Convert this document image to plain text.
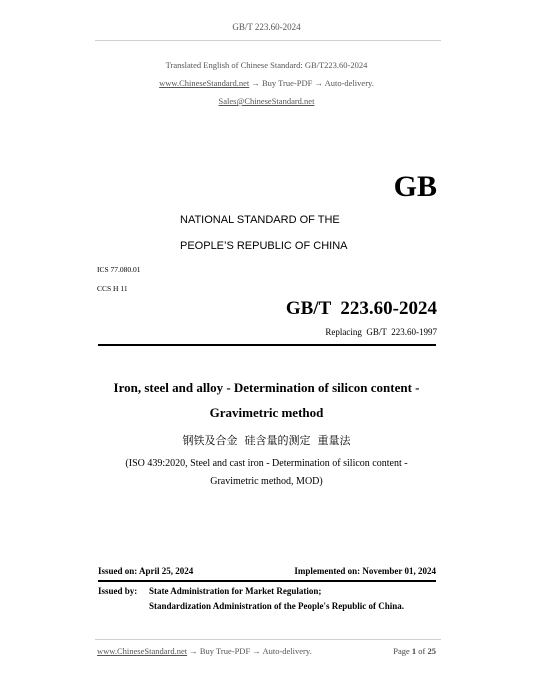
GB/T 223.60-2024
Translated English of Chinese Standard: GB/T223.60-2024
www.ChineseStandard.net → Buy True-PDF → Auto-delivery.
Sales@ChineseStandard.net
GB
NATIONAL STANDARD OF THE
PEOPLE’S REPUBLIC OF CHINA
ICS 77.080.01
CCS H 11
GB/T  223.60-2024
Replacing  GB/T  223.60-1997
Iron, steel and alloy - Determination of silicon content -
Gravimetric method
钢铁及合金  硅含量的测定  重量法
(ISO 439:2020, Steel and cast iron - Determination of silicon content -
Gravimetric method, MOD)
Issued on: April 25, 2024	Implemented on: November 01, 2024
Issued by: State Administration for Market Regulation;
Standardization Administration of the People's Republic of China.
www.ChineseStandard.net → Buy True-PDF → Auto-delivery.	Page 1 of 25
